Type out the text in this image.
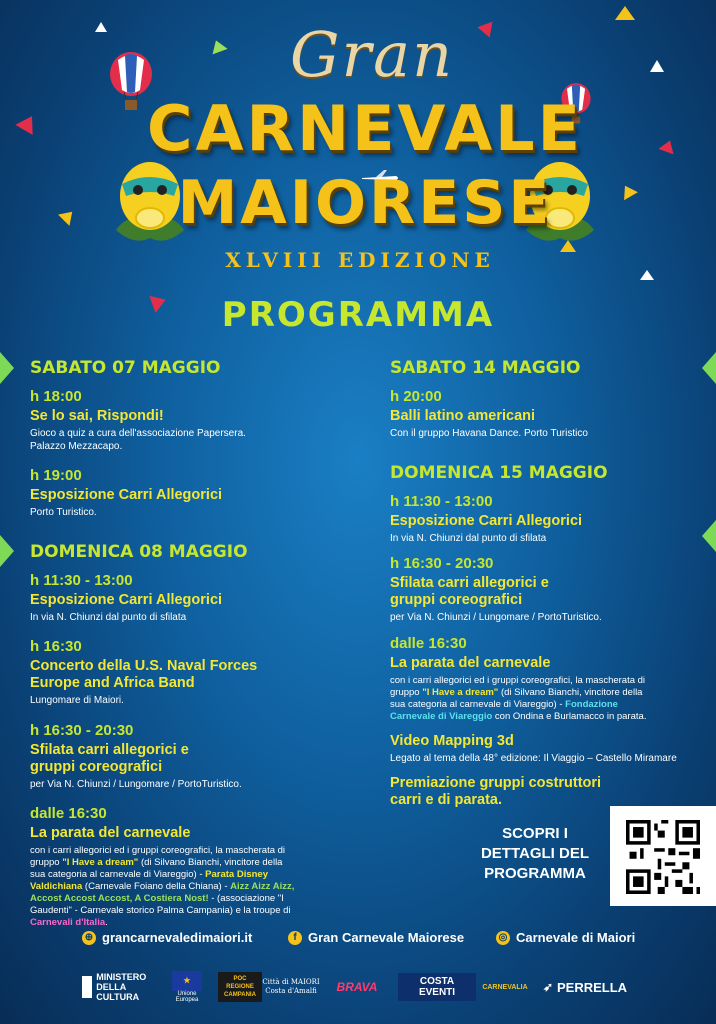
Gran
CARNEVALE
MAIORESE
XLVIII EDIZIONE
PROGRAMMA
SABATO 07 MAGGIO
h 18:00
Se lo sai, Rispondi!
Gioco a quiz a cura dell'associazione Papersera. Palazzo Mezzacapo.
h 19:00
Esposizione Carri Allegorici
Porto Turistico.
DOMENICA 08 MAGGIO
h 11:30 - 13:00
Esposizione Carri Allegorici
In via N. Chiunzi dal punto di sfilata
h 16:30
Concerto della U.S. Naval Forces Europe and Africa Band
Lungomare di Maiori.
h 16:30 - 20:30
Sfilata carri allegorici e gruppi coreografici
per Via N. Chiunzi / Lungomare / PortoTuristico.
dalle 16:30
La parata del carnevale
con i carri allegorici ed i gruppi coreografici, la mascherata di gruppo "I Have a dream" (di Silvano Bianchi, vincitore della sua categoria al carnevale di Viareggio) - Parata Disney Valdichiana (Carnevale Foiano della Chiana) - Aizz Aizz Aizz, Accost Accost Accost, A Costiera Nost! - (associazione "I Gaudenti" - Carnevale storico Palma Campania) e la troupe di Carnevali d'Italia.
SABATO 14 MAGGIO
h 20:00
Balli latino americani
Con il gruppo Havana Dance. Porto Turistico
DOMENICA 15 MAGGIO
h 11:30 - 13:00
Esposizione Carri Allegorici
In via N. Chiunzi dal punto di sfilata
h 16:30 - 20:30
Sfilata carri allegorici e gruppi coreografici
per Via N. Chiunzi / Lungomare / PortoTuristico.
dalle 16:30
La parata del carnevale
con i carri allegorici ed i gruppi coreografici, la mascherata di gruppo "I Have a dream" (di Silvano Bianchi, vincitore della sua categoria al carnevale di Viareggio) - Fondazione Carnevale di Viareggio con Ondina e Burlamacco in parata.
Video Mapping 3d
Legato al tema della 48° edizione: Il Viaggio – Castello Miramare
Premiazione gruppi costruttori carri e di parata.
SCOPRI I DETTAGLI DEL PROGRAMMA
⊕ grancarnevaledimaiori.it	f Gran Carnevale Maiorese	◎ Carnevale di Maiori
MINISTERO DELLA CULTURA
★
Unione Europea
POC REGIONE CAMPANIA
Città di MAIORI Costa d'Amalfi BRAVA	COSTA EVENTI	CARNEVALIA ➶ PERRELLA
